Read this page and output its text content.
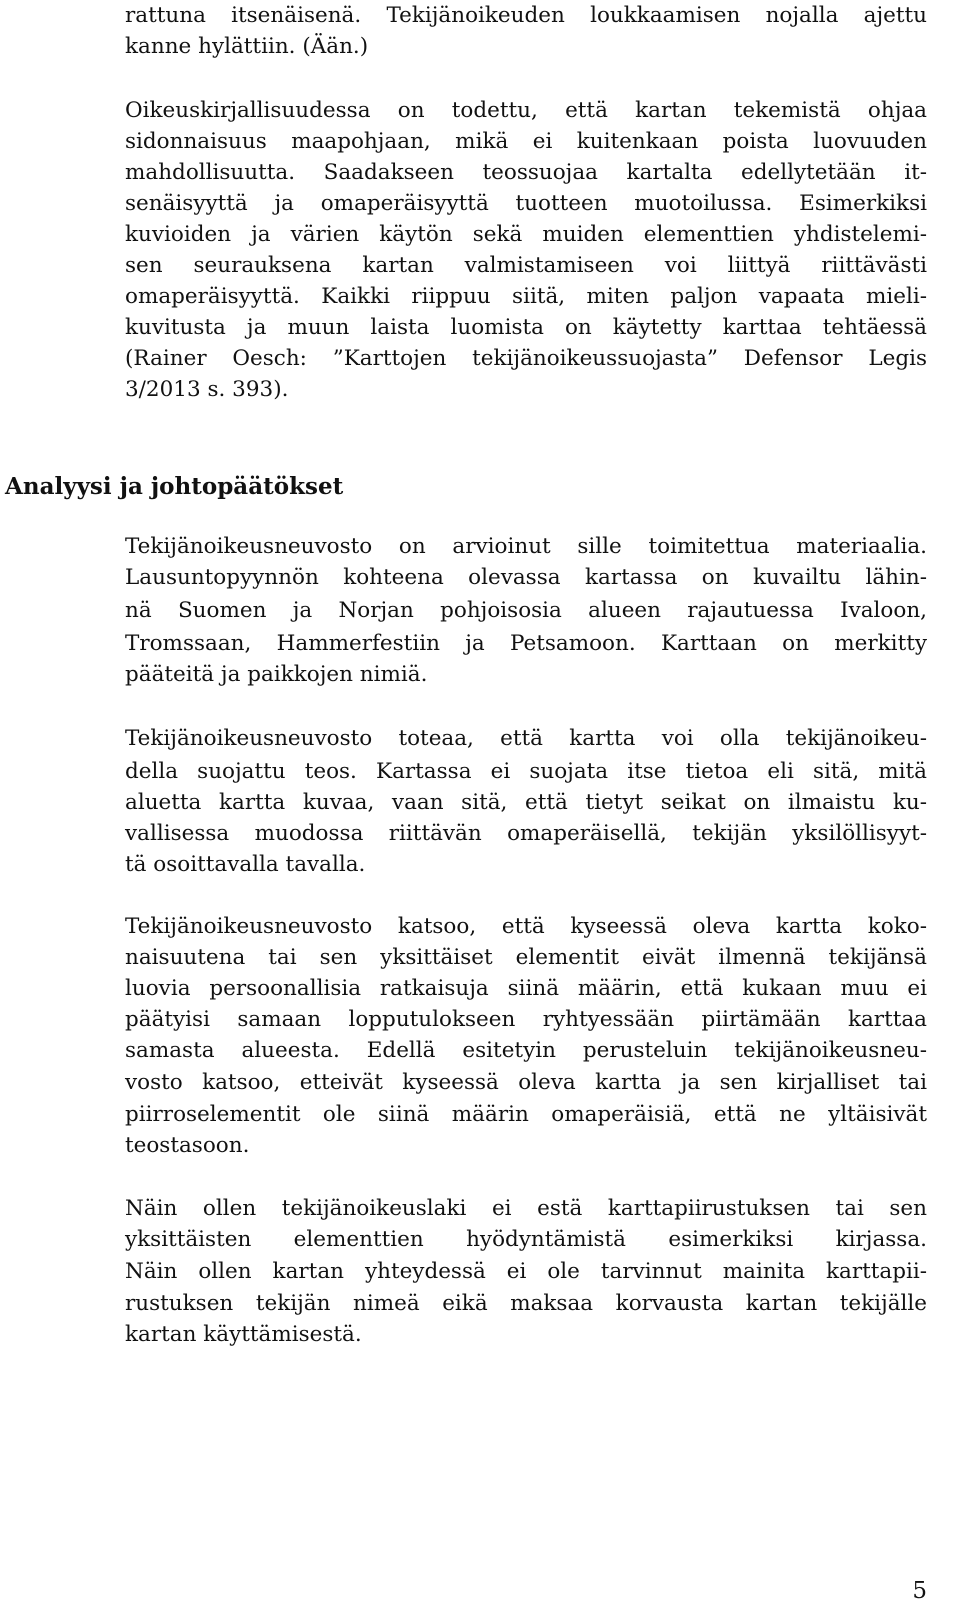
rattuna itsenäisenä. Tekijänoikeuden loukkaamisen nojalla ajettu
kanne hylättiin. (Ään.)
Oikeuskirjallisuudessa on todettu, että kartan tekemistä ohjaa
sidonnaisuus maapohjaan, mikä ei kuitenkaan poista luovuuden
mahdollisuutta. Saadakseen teossuojaa kartalta edellytetään it-
senäisyyttä ja omaperäisyyttä tuotteen muotoilussa. Esimerkiksi
kuvioiden ja värien käytön sekä muiden elementtien yhdistelemi-
sen seurauksena kartan valmistamiseen voi liittyä riittävästi
omaperäisyyttä. Kaikki riippuu siitä, miten paljon vapaata mieli-
kuvitusta ja muun laista luomista on käytetty karttaa tehtäessä
(Rainer Oesch: ”Karttojen tekijänoikeussuojasta” Defensor Legis
3/2013 s. 393).
Analyysi ja johtopäätökset
Tekijänoikeusneuvosto on arvioinut sille toimitettua materiaalia.
Lausuntopyynnön kohteena olevassa kartassa on kuvailtu lähin-
nä Suomen ja Norjan pohjoisosia alueen rajautuessa Ivaloon,
Tromssaan, Hammerfestiin ja Petsamoon. Karttaan on merkitty
pääteitä ja paikkojen nimiä.
Tekijänoikeusneuvosto toteaa, että kartta voi olla tekijänoikeu-
della suojattu teos. Kartassa ei suojata itse tietoa eli sitä, mitä
aluetta kartta kuvaa, vaan sitä, että tietyt seikat on ilmaistu ku-
vallisessa muodossa riittävän omaperäisellä, tekijän yksilöllisyyt-
tä osoittavalla tavalla.
Tekijänoikeusneuvosto katsoo, että kyseessä oleva kartta koko-
naisuutena tai sen yksittäiset elementit eivät ilmennä tekijänsä
luovia persoonallisia ratkaisuja siinä määrin, että kukaan muu ei
päätyisi samaan lopputulokseen ryhtyessään piirtämään karttaa
samasta alueesta. Edellä esitetyin perusteluin tekijänoikeusneu-
vosto katsoo, etteivät kyseessä oleva kartta ja sen kirjalliset tai
piirroselementit ole siinä määrin omaperäisiä, että ne yltäisivät
teostasoon.
Näin ollen tekijänoikeuslaki ei estä karttapiirustuksen tai sen
yksittäisten elementtien hyödyntämistä esimerkiksi kirjassa.
Näin ollen kartan yhteydessä ei ole tarvinnut mainita karttapii-
rustuksen tekijän nimeä eikä maksaa korvausta kartan tekijälle
kartan käyttämisestä.
5
